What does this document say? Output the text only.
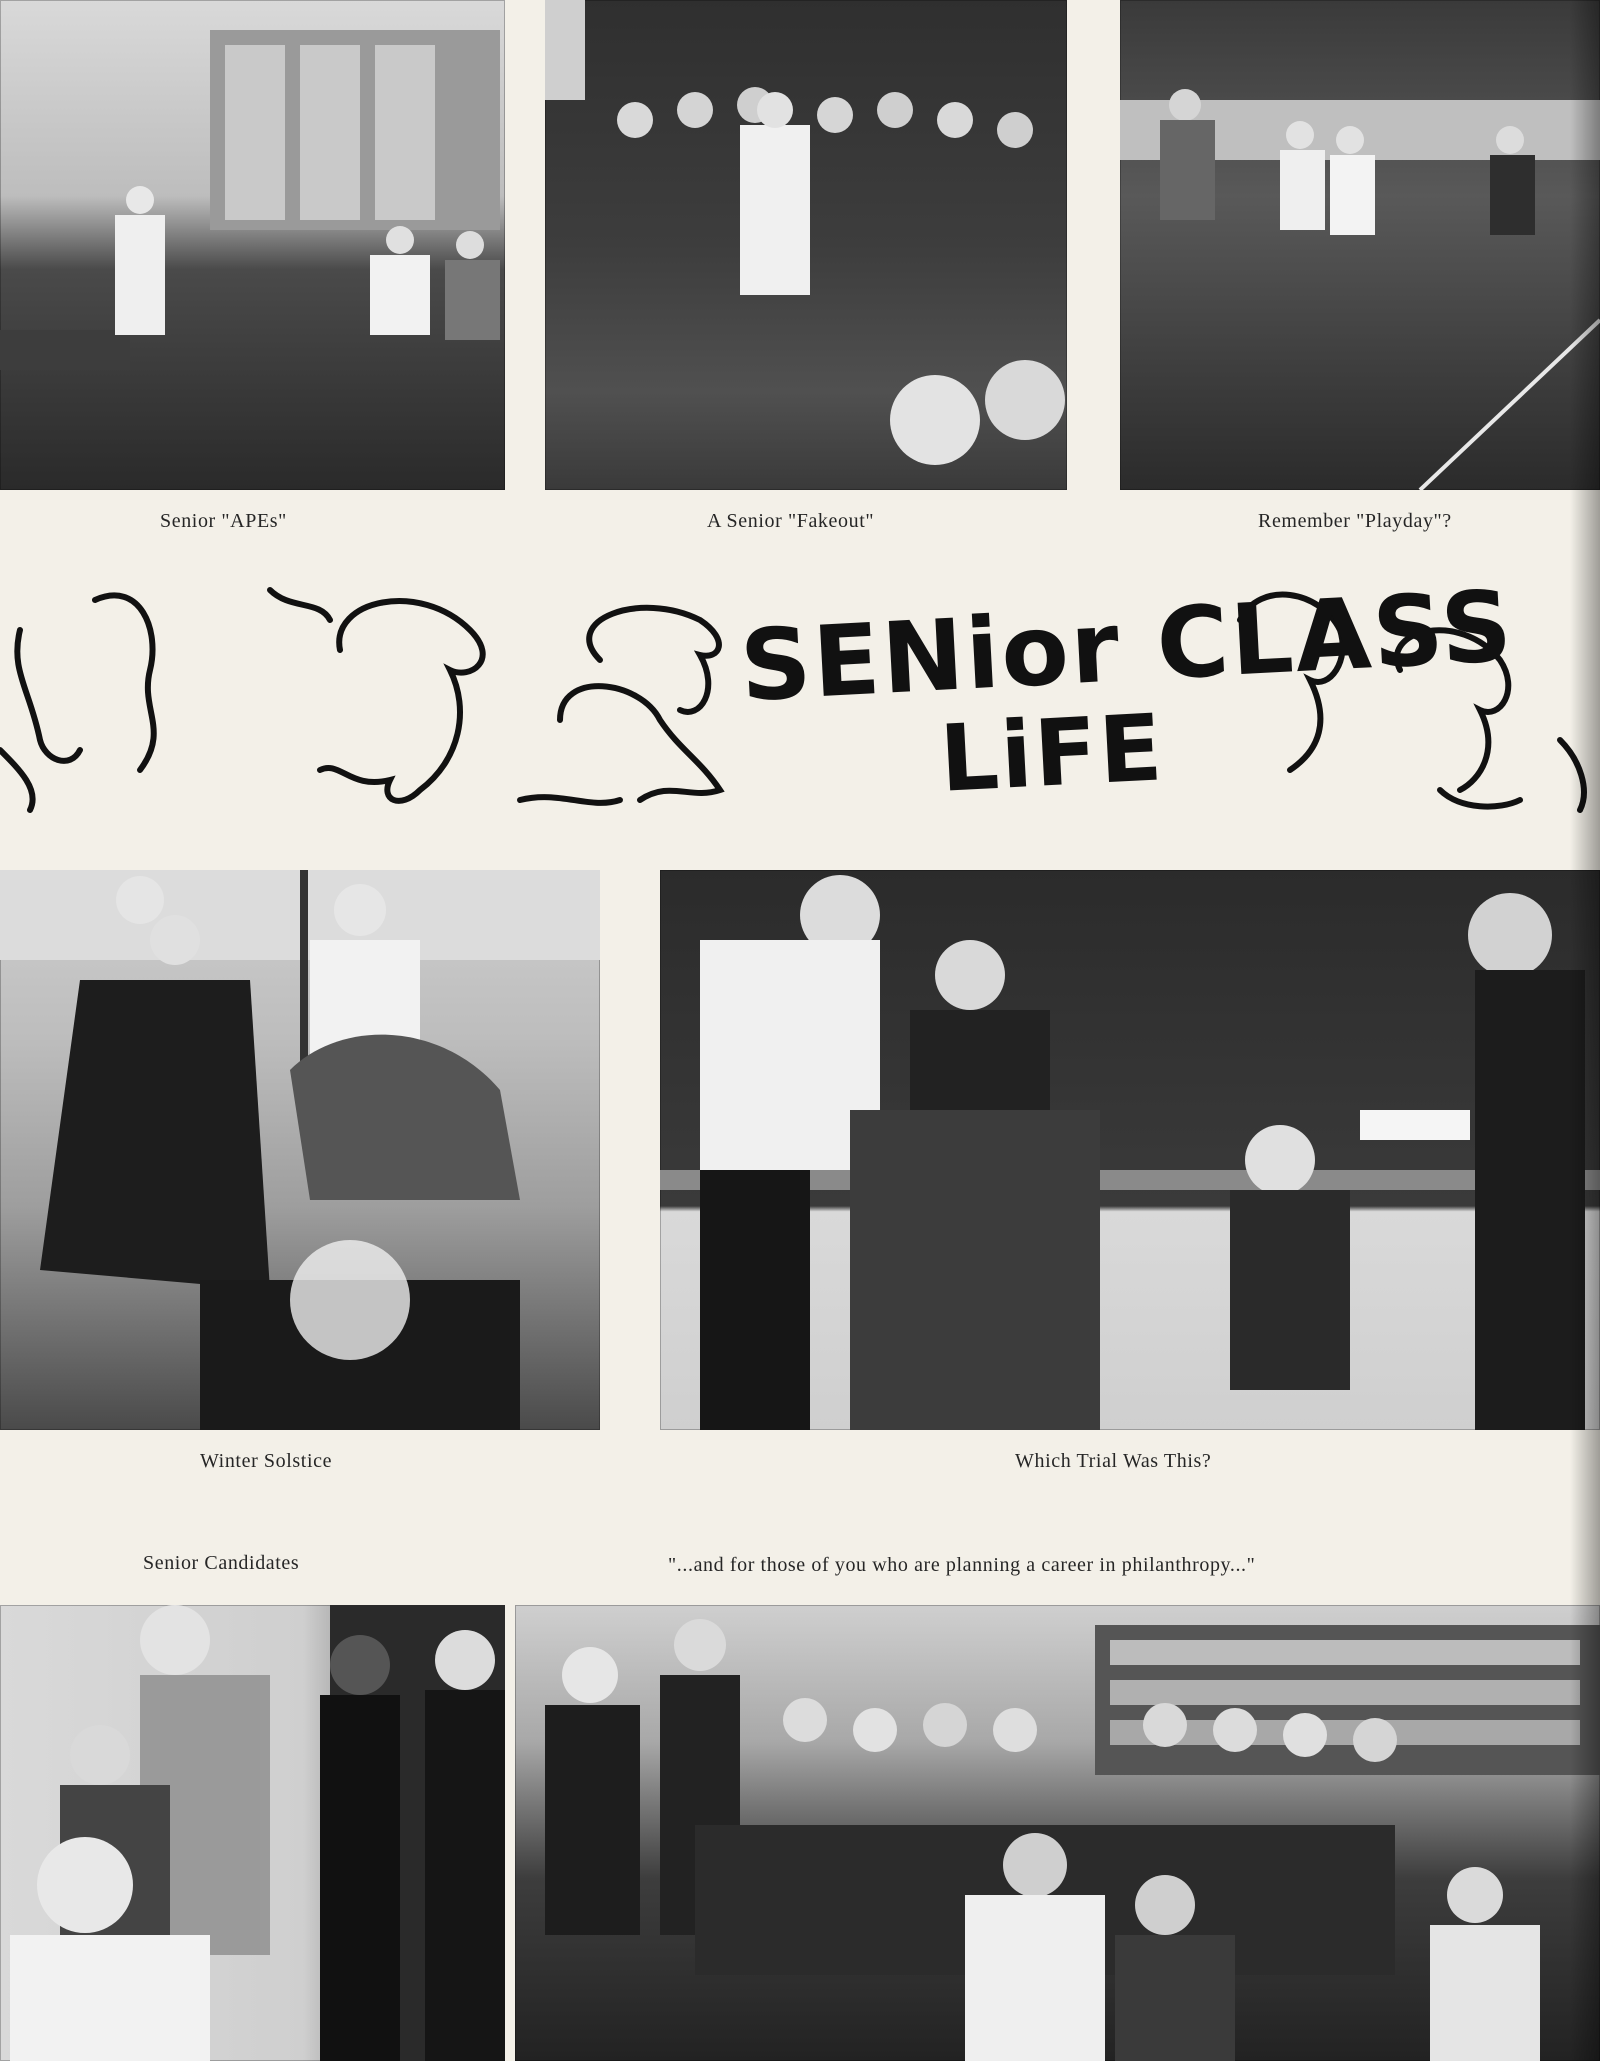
Senior "APEs"	A Senior "Fakeout"	Remember "Playday"?
SENior CLASS
LiFE
Winter Solstice	Which Trial Was This?
Senior Candidates	"...and for those of you who are planning a career in philanthropy..."
